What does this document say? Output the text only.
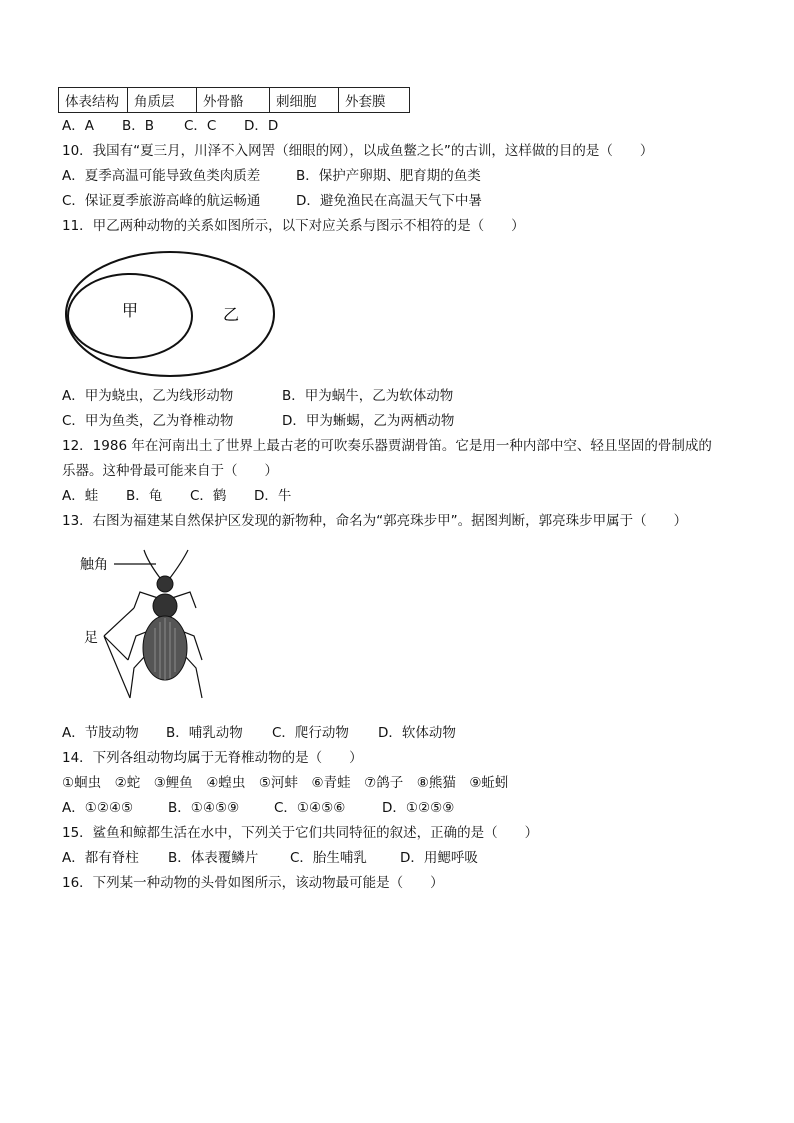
体表结构	角质层	外骨骼	刺细胞	外套膜
A．A B．B C．C D．D
10．我国有“夏三月，川泽不入网罟（细眼的网），以成鱼鳖之长”的古训，这样做的目的是（　　）
A．夏季高温可能导致鱼类肉质差	B．保护产卵期、肥育期的鱼类
C．保证夏季旅游高峰的航运畅通	D．避免渔民在高温天气下中暑
11．甲乙两种动物的关系如图所示，以下对应关系与图示不相符的是（　　）
甲	乙
A．甲为蛲虫，乙为线形动物	B．甲为蜗牛，乙为软体动物
C．甲为鱼类，乙为脊椎动物	D．甲为蜥蜴，乙为两栖动物
12．1986 年在河南出土了世界上最古老的可吹奏乐器贾湖骨笛。它是用一种内部中空、轻且坚固的骨制成的
乐器。这种骨最可能来自于（　　）
A．蛙 B．龟 C．鹤 D．牛
13．右图为福建某自然保护区发现的新物种，命名为“郭亮珠步甲”。据图判断，郭亮珠步甲属于（　　）
触角
足
A．节肢动物 B．哺乳动物 C．爬行动物 D．软体动物
14．下列各组动物均属于无脊椎动物的是（　　）
①蛔虫　②蛇　③鲤鱼　④蝗虫　⑤河蚌　⑥青蛙　⑦鸽子　⑧熊猫　⑨蚯蚓
A．①②④⑤	B．①④⑤⑨	C．①④⑤⑥	D．①②⑤⑨
15．鲨鱼和鲸都生活在水中，下列关于它们共同特征的叙述，正确的是（　　）
A．都有脊柱 B．体表覆鳞片 C．胎生哺乳 D．用鳃呼吸
16．下列某一种动物的头骨如图所示，该动物最可能是（　　）
